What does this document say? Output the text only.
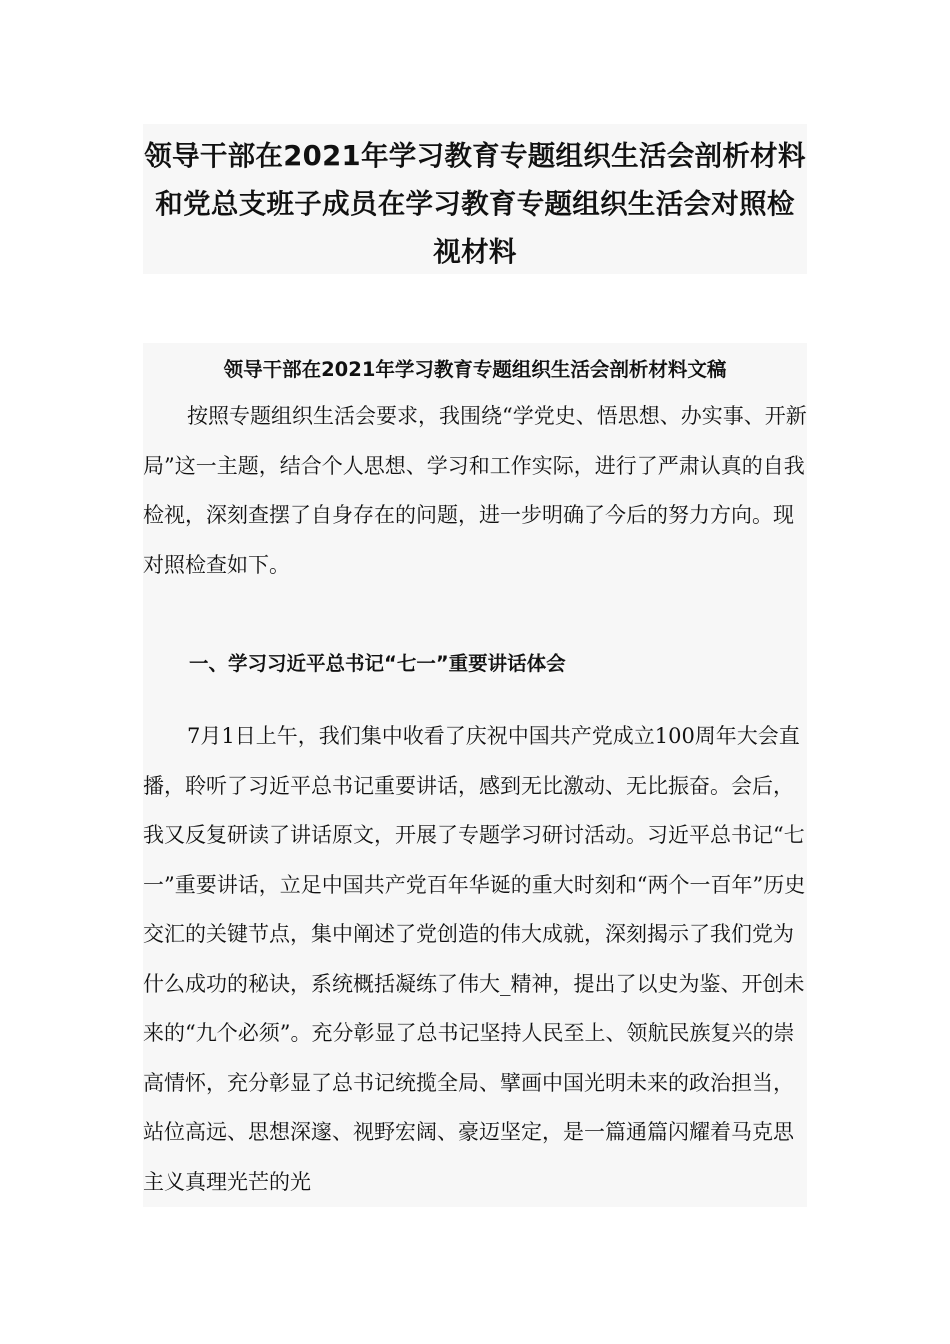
领导干部在2021年学习教育专题组织生活会剖析材料和党总支班子成员在学习教育专题组织生活会对照检视材料
领导干部在2021年学习教育专题组织生活会剖析材料文稿

按照专题组织生活会要求，我围绕“学党史、悟思想、办实事、开新局”这一主题，结合个人思想、学习和工作实际，进行了严肃认真的自我检视，深刻查摆了自身存在的问题，进一步明确了今后的努力方向。现对照检查如下。

一、学习习近平总书记“七一”重要讲话体会

7月1日上午，我们集中收看了庆祝中国共产党成立100周年大会直播，聆听了习近平总书记重要讲话，感到无比激动、无比振奋。会后，我又反复研读了讲话原文，开展了专题学习研讨活动。习近平总书记“七一”重要讲话，立足中国共产党百年华诞的重大时刻和“两个一百年”历史交汇的关键节点，集中阐述了党创造的伟大成就，深刻揭示了我们党为什么成功的秘诀，系统概括凝练了伟大_精神，提出了以史为鉴、开创未来的“九个必须”。充分彰显了总书记坚持人民至上、领航民族复兴的崇高情怀，充分彰显了总书记统揽全局、擘画中国光明未来的政治担当，站位高远、思想深邃、视野宏阔、豪迈坚定，是一篇通篇闪耀着马克思主义真理光芒的光
